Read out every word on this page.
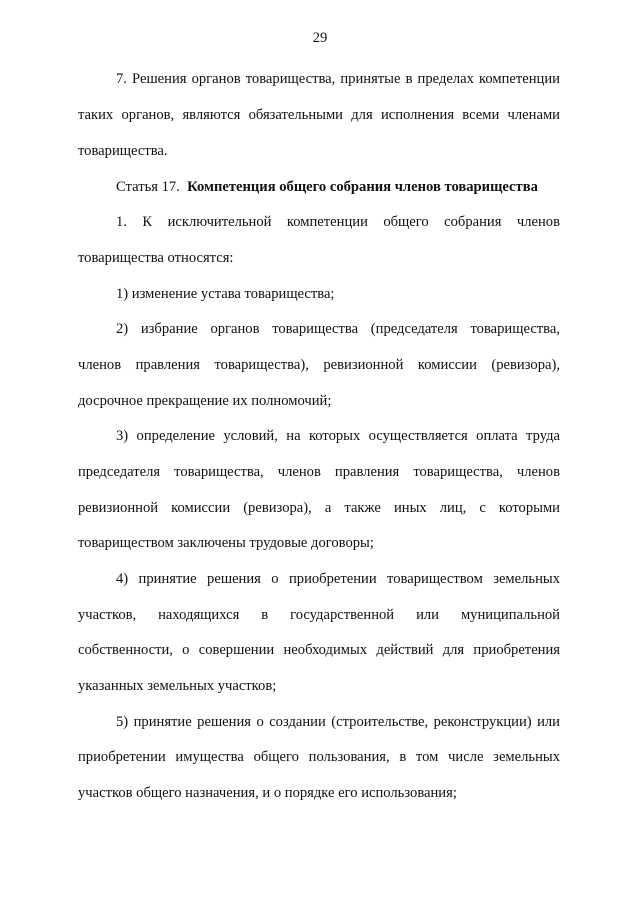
29
7. Решения органов товарищества, принятые в пределах компетенции
таких органов, являются обязательными для исполнения всеми членами
товарищества.
Статья 17. Компетенция общего собрания членов товарищества
1. К исключительной компетенции общего собрания членов
товарищества относятся:
1) изменение устава товарищества;
2) избрание органов товарищества (председателя товарищества,
членов правления товарищества), ревизионной комиссии (ревизора),
досрочное прекращение их полномочий;
3) определение условий, на которых осуществляется оплата труда
председателя товарищества, членов правления товарищества, членов
ревизионной комиссии (ревизора), а также иных лиц, с которыми
товариществом заключены трудовые договоры;
4) принятие решения о приобретении товариществом земельных
участков, находящихся в государственной или муниципальной
собственности, о совершении необходимых действий для приобретения
указанных земельных участков;
5) принятие решения о создании (строительстве, реконструкции) или
приобретении имущества общего пользования, в том числе земельных
участков общего назначения, и о порядке его использования;
